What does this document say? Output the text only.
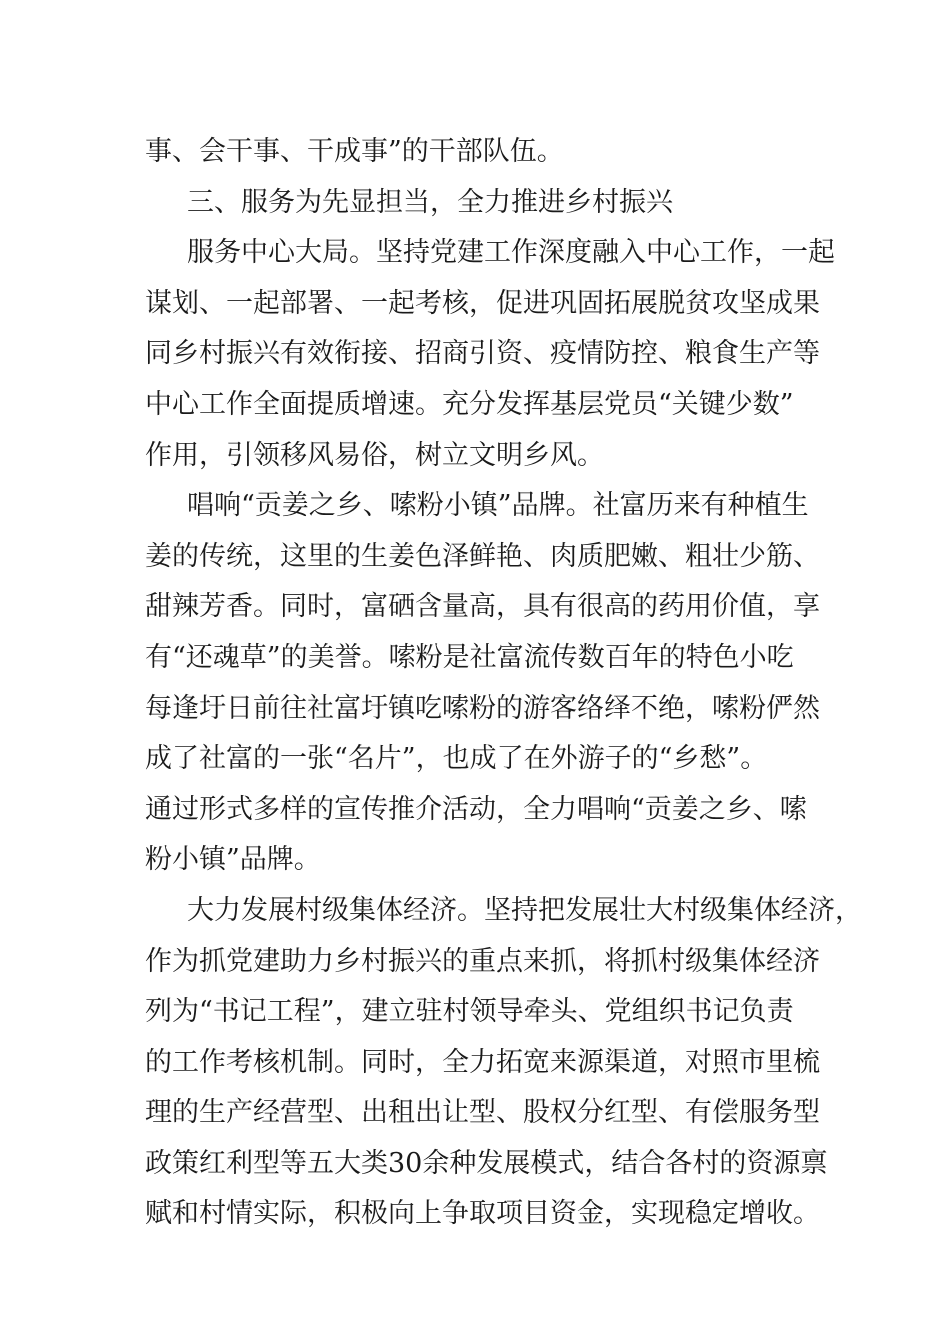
事、会干事、干成事”的干部队伍。
三、服务为先显担当，全力推进乡村振兴
服务中心大局。坚持党建工作深度融入中心工作，一起
谋划、一起部署、一起考核，促进巩固拓展脱贫攻坚成果
同乡村振兴有效衔接、招商引资、疫情防控、粮食生产等
中心工作全面提质增速。充分发挥基层党员“关键少数”
作用，引领移风易俗，树立文明乡风。
唱响“贡姜之乡、嗦粉小镇”品牌。社富历来有种植生
姜的传统，这里的生姜色泽鲜艳、肉质肥嫩、粗壮少筋、
甜辣芳香。同时，富硒含量高，具有很高的药用价值，享
有“还魂草”的美誉。嗦粉是社富流传数百年的特色小吃
每逢圩日前往社富圩镇吃嗦粉的游客络绎不绝，嗦粉俨然
成了社富的一张“名片”，也成了在外游子的“乡愁”。
通过形式多样的宣传推介活动，全力唱响“贡姜之乡、嗦
粉小镇”品牌。
大力发展村级集体经济。坚持把发展壮大村级集体经济，
作为抓党建助力乡村振兴的重点来抓，将抓村级集体经济
列为“书记工程”，建立驻村领导牵头、党组织书记负责
的工作考核机制。同时，全力拓宽来源渠道，对照市里梳
理的生产经营型、出租出让型、股权分红型、有偿服务型
政策红利型等五大类30余种发展模式，结合各村的资源禀
赋和村情实际，积极向上争取项目资金，实现稳定增收。
